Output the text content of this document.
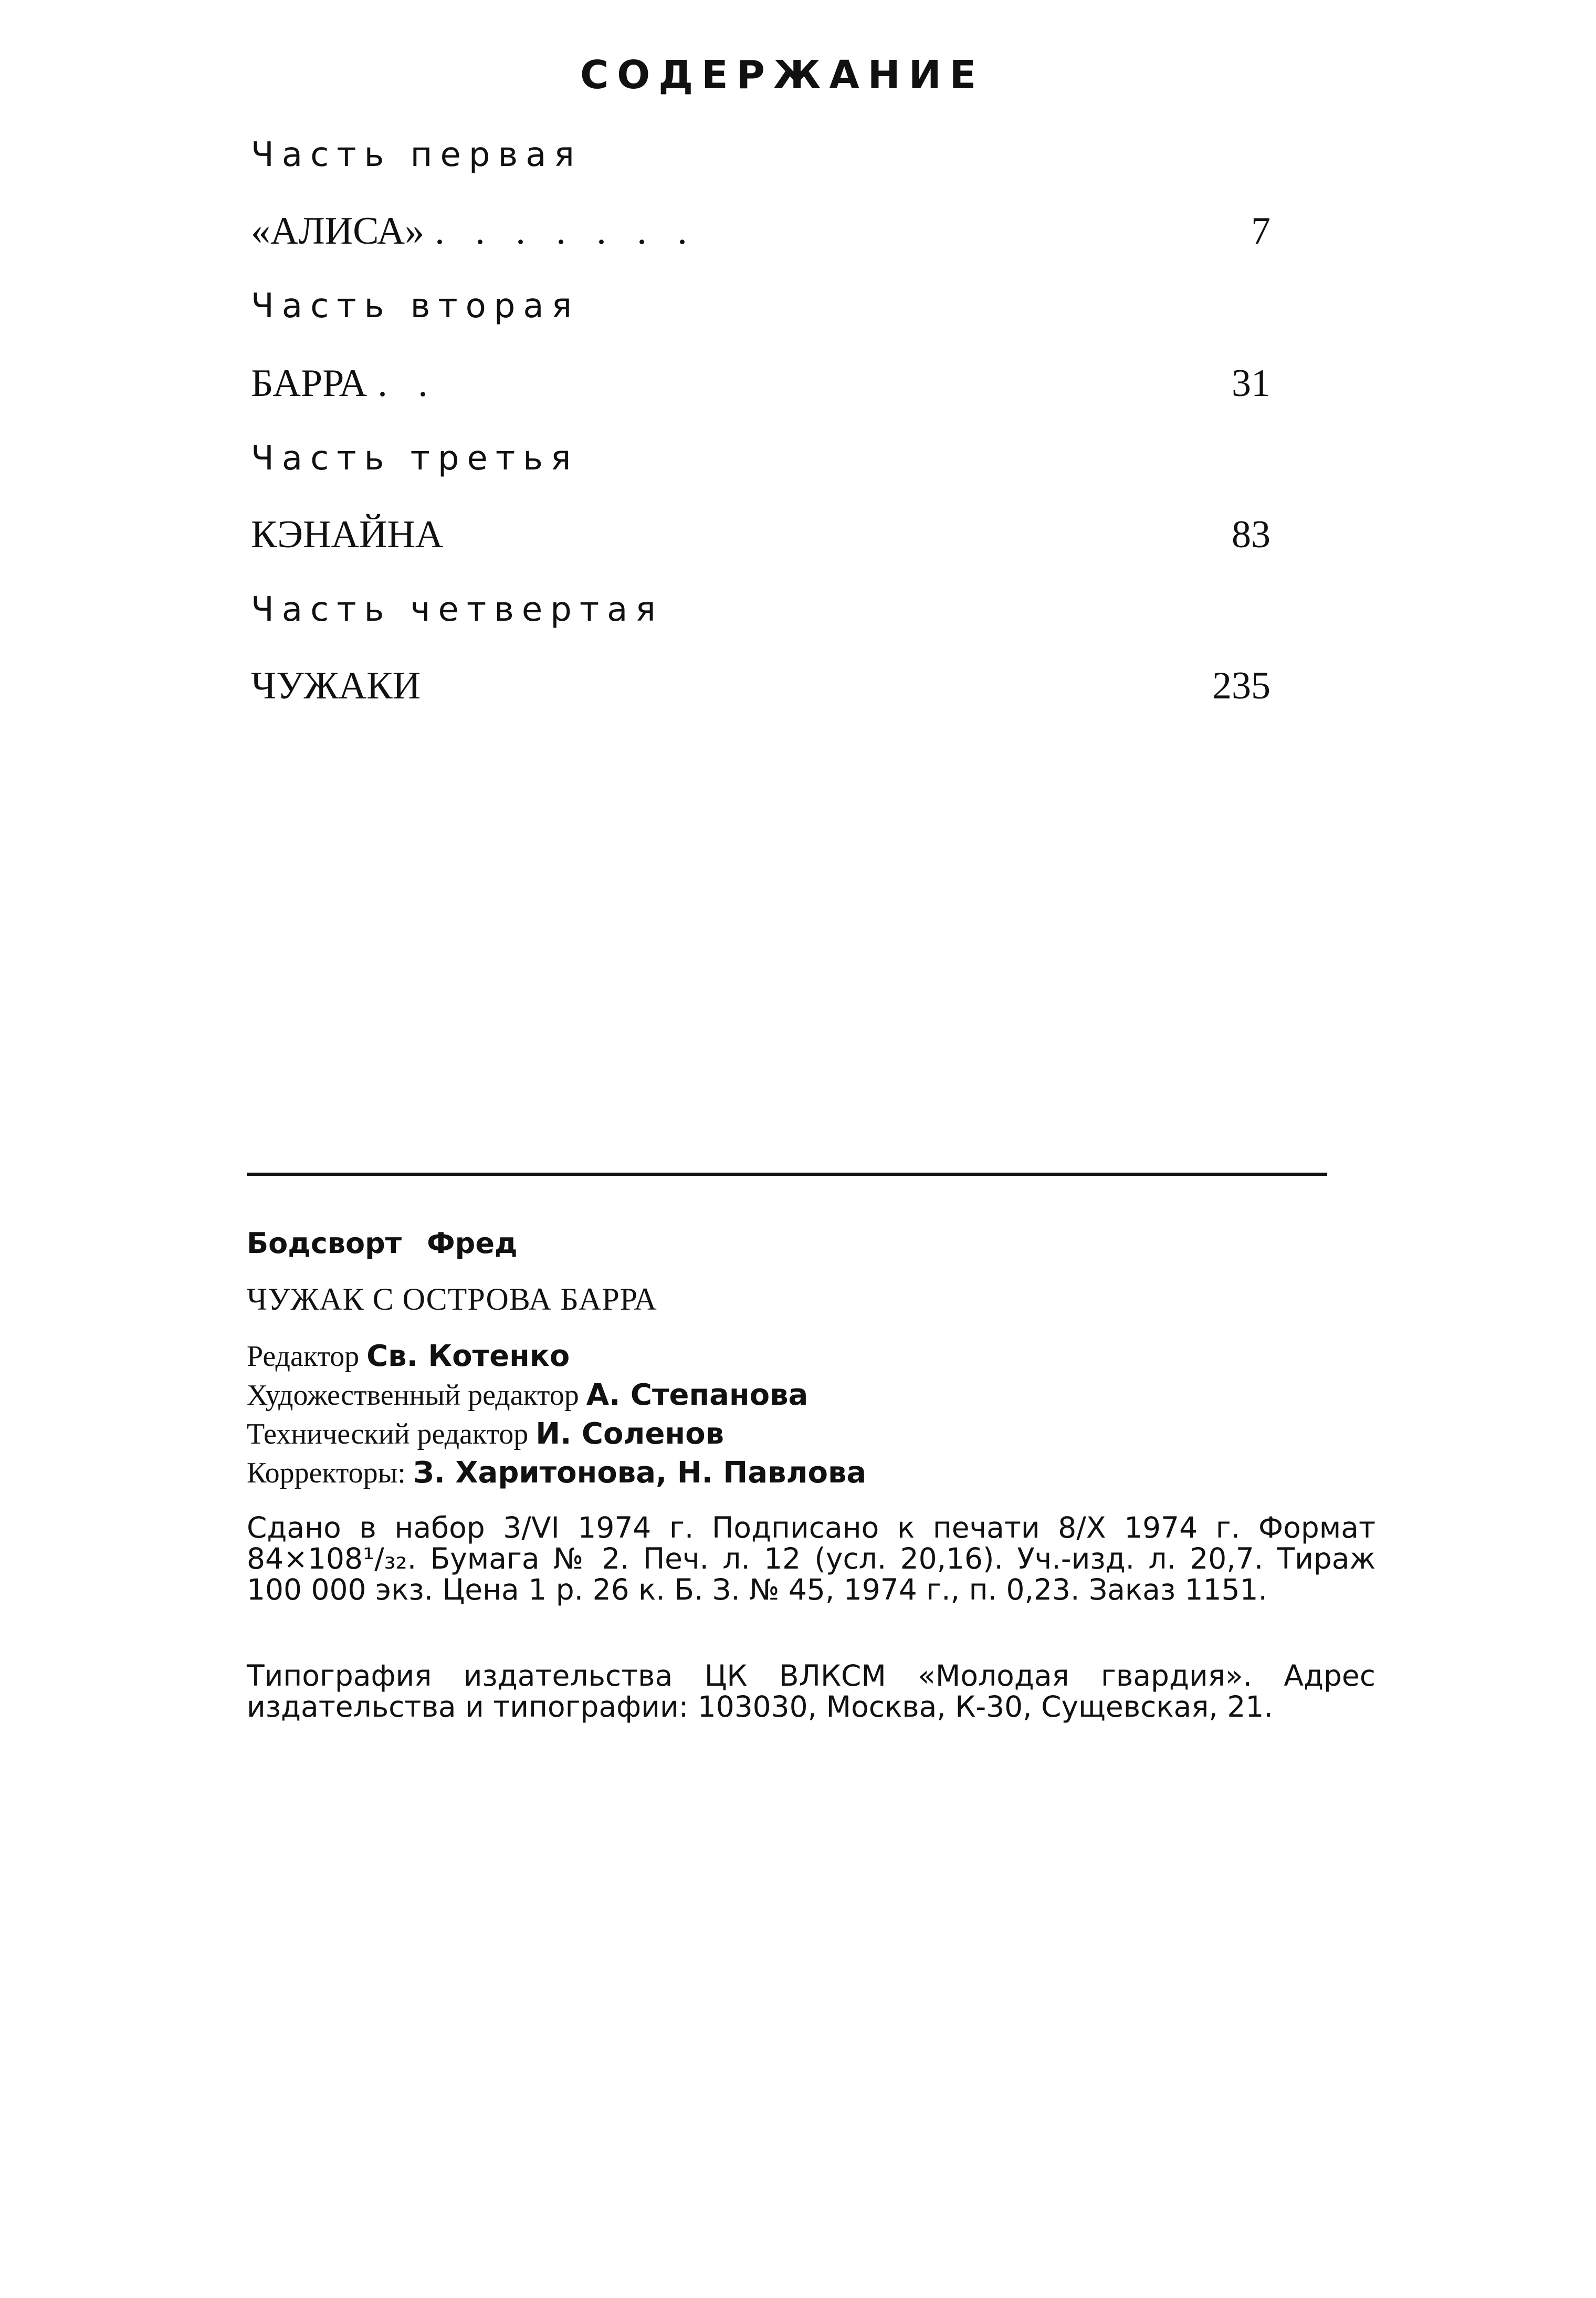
СОДЕРЖАНИЕ
Часть первая
«АЛИСА» . . . . . . .	7
Часть вторая
БАРРА . .	31
Часть третья
КЭНАЙНА	83
Часть четвертая
ЧУЖАКИ	235
Бодсворт Фред
ЧУЖАК С ОСТРОВА БАРРА
Редактор Св. Котенко
Художественный редактор А. Степанова
Технический редактор И. Соленов
Корректоры: З. Харитонова, Н. Павлова
Сдано в набор 3/VI 1974 г. Подписано к печати 8/X 1974 г. Формат 84×108¹/₃₂. Бумага № 2. Печ. л. 12 (усл. 20,16). Уч.-изд. л. 20,7. Тираж 100 000 экз. Цена 1 р. 26 к. Б. З. № 45, 1974 г., п. 0,23. Заказ 1151.
Типография издательства ЦК ВЛКСМ «Молодая гвардия». Адрес издательства и типографии: 103030, Москва, К-30, Сущевская, 21.
